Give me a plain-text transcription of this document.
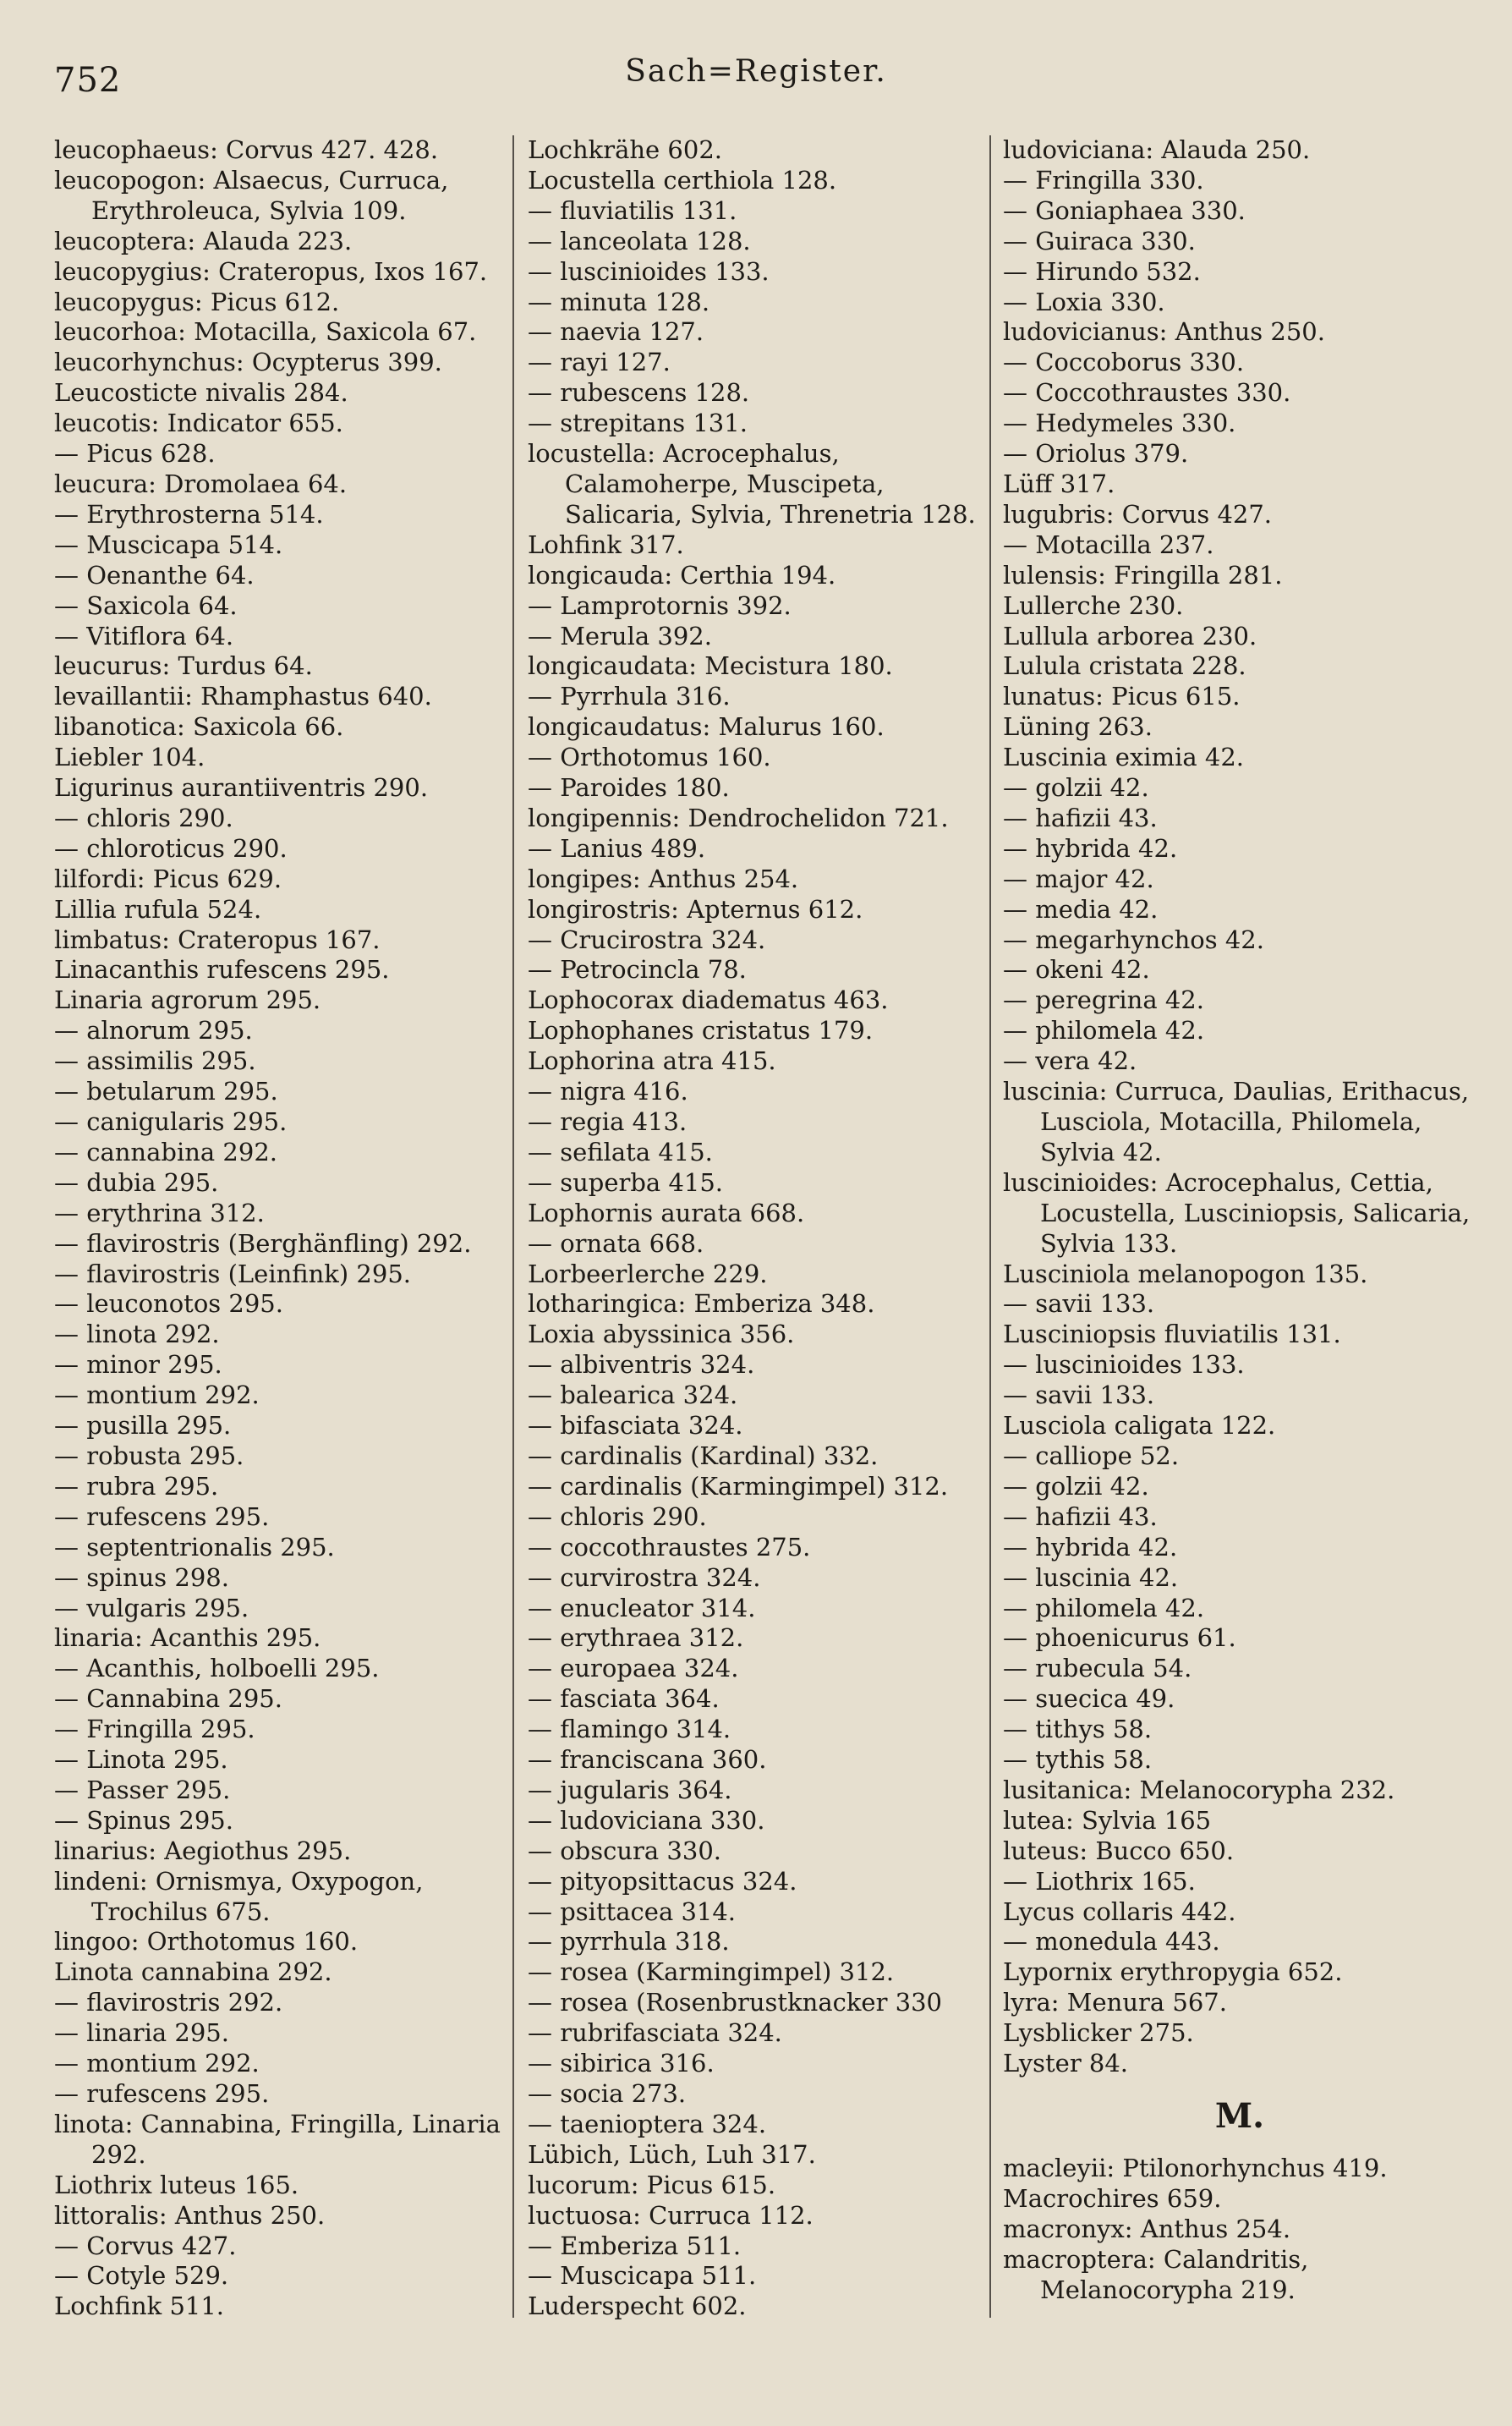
752	Sach=Register.

leucophaeus: Corvus 427. 428.

leucopogon: Alsaecus, Curruca, Erythroleuca, Sylvia 109.

leucoptera: Alauda 223.

leucopygius: Crateropus, Ixos 167.

leucopygus: Picus 612.

leucorhoa: Motacilla, Saxicola 67.

leucorhynchus: Ocypterus 399.

Leucosticte nivalis 284.

leucotis: Indicator 655.

— Picus 628.

leucura: Dromolaea 64.

— Erythrosterna 514.

— Muscicapa 514.

— Oenanthe 64.

— Saxicola 64.

— Vitiflora 64.

leucurus: Turdus 64.

levaillantii: Rhamphastus 640.

libanotica: Saxicola 66.

Liebler 104.

Ligurinus aurantiiventris 290.

— chloris 290.

— chloroticus 290.

lilfordi: Picus 629.

Lillia rufula 524.

limbatus: Crateropus 167.

Linacanthis rufescens 295.

Linaria agrorum 295.

— alnorum 295.

— assimilis 295.

— betularum 295.

— canigularis 295.

— cannabina 292.

— dubia 295.

— erythrina 312.

— flavirostris (Berghänfling) 292.

— flavirostris (Leinfink) 295.

— leuconotos 295.

— linota 292.

— minor 295.

— montium 292.

— pusilla 295.

— robusta 295.

— rubra 295.

— rufescens 295.

— septentrionalis 295.

— spinus 298.

— vulgaris 295.

linaria: Acanthis 295.

— Acanthis, holboelli 295.

— Cannabina 295.

— Fringilla 295.

— Linota 295.

— Passer 295.

— Spinus 295.

linarius: Aegiothus 295.

lindeni: Ornismya, Oxypogon, Trochilus 675.

lingoo: Orthotomus 160.

Linota cannabina 292.

— flavirostris 292.

— linaria 295.

— montium 292.

— rufescens 295.

linota: Cannabina, Fringilla, Linaria 292.

Liothrix luteus 165.

littoralis: Anthus 250.

— Corvus 427.

— Cotyle 529.

Lochfink 511.

Lochkrähe 602.

Locustella certhiola 128.

— fluviatilis 131.

— lanceolata 128.

— luscinioides 133.

— minuta 128.

— naevia 127.

— rayi 127.

— rubescens 128.

— strepitans 131.

locustella: Acrocephalus, Calamoherpe, Muscipeta, Salicaria, Sylvia, Threnetria 128.

Lohfink 317.

longicauda: Certhia 194.

— Lamprotornis 392.

— Merula 392.

longicaudata: Mecistura 180.

— Pyrrhula 316.

longicaudatus: Malurus 160.

— Orthotomus 160.

— Paroides 180.

longipennis: Dendrochelidon 721.

— Lanius 489.

longipes: Anthus 254.

longirostris: Apternus 612.

— Crucirostra 324.

— Petrocincla 78.

Lophocorax diadematus 463.

Lophophanes cristatus 179.

Lophorina atra 415.

— nigra 416.

— regia 413.

— sefilata 415.

— superba 415.

Lophornis aurata 668.

— ornata 668.

Lorbeerlerche 229.

lotharingica: Emberiza 348.

Loxia abyssinica 356.

— albiventris 324.

— balearica 324.

— bifasciata 324.

— cardinalis (Kardinal) 332.

— cardinalis (Karmingimpel) 312.

— chloris 290.

— coccothraustes 275.

— curvirostra 324.

— enucleator 314.

— erythraea 312.

— europaea 324.

— fasciata 364.

— flamingo 314.

— franciscana 360.

— jugularis 364.

— ludoviciana 330.

— obscura 330.

— pityopsittacus 324.

— psittacea 314.

— pyrrhula 318.

— rosea (Karmingimpel) 312.

— rosea (Rosenbrustknacker 330

— rubrifasciata 324.

— sibirica 316.

— socia 273.

— taenioptera 324.

Lübich, Lüch, Luh 317.

lucorum: Picus 615.

luctuosa: Curruca 112.

— Emberiza 511.

— Muscicapa 511.

Luderspecht 602.

ludoviciana: Alauda 250.

— Fringilla 330.

— Goniaphaea 330.

— Guiraca 330.

— Hirundo 532.

— Loxia 330.

ludovicianus: Anthus 250.

— Coccoborus 330.

— Coccothraustes 330.

— Hedymeles 330.

— Oriolus 379.

Lüff 317.

lugubris: Corvus 427.

— Motacilla 237.

lulensis: Fringilla 281.

Lullerche 230.

Lullula arborea 230.

Lulula cristata 228.

lunatus: Picus 615.

Lüning 263.

Luscinia eximia 42.

— golzii 42.

— hafizii 43.

— hybrida 42.

— major 42.

— media 42.

— megarhynchos 42.

— okeni 42.

— peregrina 42.

— philomela 42.

— vera 42.

luscinia: Curruca, Daulias, Erithacus, Lusciola, Motacilla, Philomela, Sylvia 42.

luscinioides: Acrocephalus, Cettia, Locustella, Lusciniopsis, Salicaria, Sylvia 133.

Lusciniola melanopogon 135.

— savii 133.

Lusciniopsis fluviatilis 131.

— luscinioides 133.

— savii 133.

Lusciola caligata 122.

— calliope 52.

— golzii 42.

— hafizii 43.

— hybrida 42.

— luscinia 42.

— philomela 42.

— phoenicurus 61.

— rubecula 54.

— suecica 49.

— tithys 58.

— tythis 58.

lusitanica: Melanocorypha 232.

lutea: Sylvia 165

luteus: Bucco 650.

— Liothrix 165.

Lycus collaris 442.

— monedula 443.

Lypornix erythropygia 652.

lyra: Menura 567.

Lysblicker 275.

Lyster 84.

M.

macleyii: Ptilonorhynchus 419.

Macrochires 659.

macronyx: Anthus 254.

macroptera: Calandritis, Melanocorypha 219.
